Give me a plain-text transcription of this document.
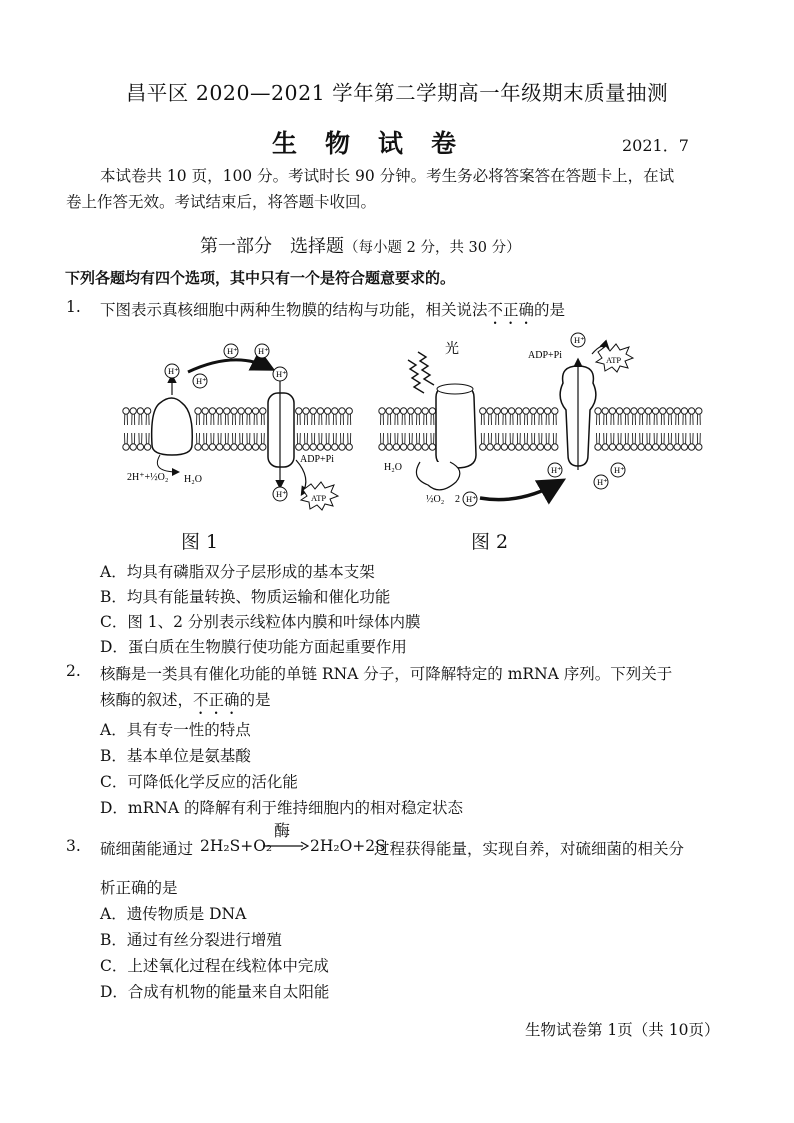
昌平区 2020—2021 学年第二学期高一年级期末质量抽测
生物试卷	2021．7
本试卷共 10 页，100 分。考试时长 90 分钟。考生务必将答案答在答题卡上，在试
卷上作答无效。考试结束后，将答题卡收回。
第一部分　选择题（每小题 2 分，共 30 分）
下列各题均有四个选项，其中只有一个是符合题意要求的。
1. 下图表示真核细胞中两种生物膜的结构与功能，相关说法不正确的是
H⁺
H⁺
H⁺ H⁺
H⁺
H⁺
ADP+Pi
ATP
2H⁺+½O₂ H₂O
光
H₂O
½O₂ 2 H⁺
H⁺
ADP+Pi	ATP
H⁺	H⁺
H⁺
图 1	图 2
A．均具有磷脂双分子层形成的基本支架
B．均具有能量转换、物质运输和催化功能
C．图 1、2 分别表示线粒体内膜和叶绿体内膜
D．蛋白质在生物膜行使功能方面起重要作用
2. 核酶是一类具有催化功能的单链 RNA 分子，可降解特定的 mRNA 序列。下列关于
核酶的叙述，不正确的是
A．具有专一性的特点
B．基本单位是氨基酸
C．可降低化学反应的活化能
D．mRNA 的降解有利于维持细胞内的相对稳定状态
3. 硫细菌能通过 2H₂S+O₂
酶
→ 2H₂O+2S
过程获得能量，实现自养，对硫细菌的相关分
析正确的是
A．遗传物质是 DNA
B．通过有丝分裂进行增殖
C．上述氧化过程在线粒体中完成
D．合成有机物的能量来自太阳能
生物试卷第 1页（共 10页）
